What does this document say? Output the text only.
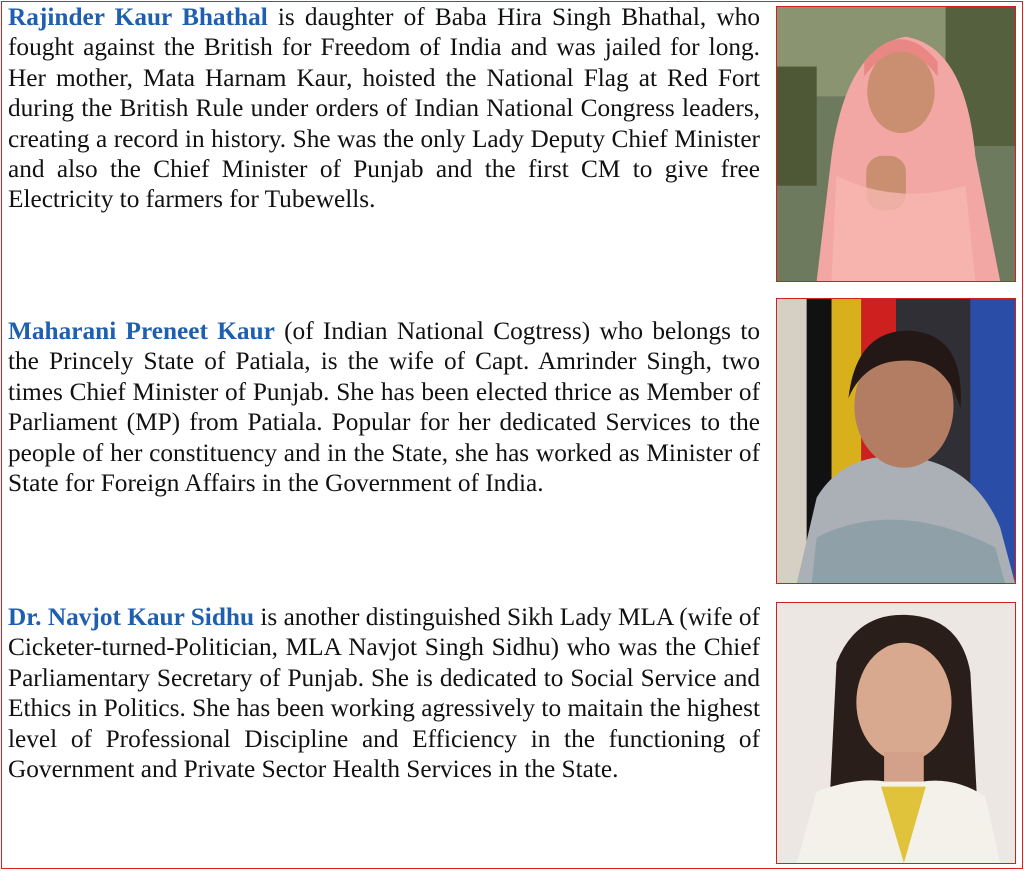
Rajinder Kaur Bhathal is daughter of Baba Hira Singh Bhathal, who fought against the British for Freedom of India and was jailed for long. Her mother, Mata Harnam Kaur, hoisted the National Flag at Red Fort during the British Rule under orders of Indian National Congress leaders, creating a record in history. She was the only Lady Deputy Chief Minister and also the Chief Minister of Punjab and the first CM to give free Electricity to farmers for Tubewells.

Maharani Preneet Kaur (of Indian National Cogtress) who belongs to the Princely State of Patiala, is the wife of Capt. Amrinder Singh, two times Chief Minister of Punjab. She has been elected thrice as Member of Parliament (MP) from Patiala. Popular for her dedicated Services to the people of her constituency and in the State, she has worked as Minister of State for Foreign Affairs in the Government of India.

Dr. Navjot Kaur Sidhu is another distinguished Sikh Lady MLA (wife of Cicketer-turned-Politician, MLA Navjot Singh Sidhu) who was the Chief Parliamentary Secretary of Punjab. She is dedicated to Social Service and Ethics in Politics. She has been working agressively to maitain the highest level of Professional Discipline and Efficiency in the functioning of Government and Private Sector Health Services in the State.
